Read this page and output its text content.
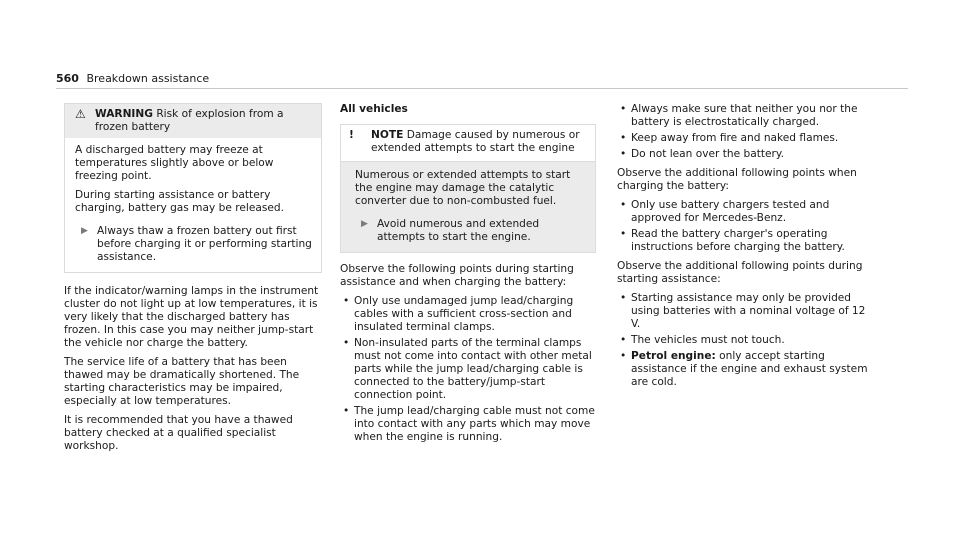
560 Breakdown assistance
⚠ WARNING Risk of explosion from a frozen battery

A discharged battery may freeze at temperatures slightly above or below freezing point.

During starting assistance or battery charging, battery gas may be released.

▶ Always thaw a frozen battery out first before charging it or performing starting assistance.

If the indicator/warning lamps in the instrument cluster do not light up at low temperatures, it is very likely that the discharged battery has frozen. In this case you may neither jump-start the vehicle nor charge the battery.

The service life of a battery that has been thawed may be dramatically shortened. The starting characteristics may be impaired, especially at low temperatures.

It is recommended that you have a thawed battery checked at a qualified specialist workshop.

All vehicles
!	NOTE Damage caused by numerous or extended attempts to start the engine

Numerous or extended attempts to start the engine may damage the catalytic converter due to non-combusted fuel.

▶ Avoid numerous and extended attempts to start the engine.

Observe the following points during starting assistance and when charging the battery:

• Only use undamaged jump lead/charging cables with a sufficient cross-section and insulated terminal clamps.
• Non-insulated parts of the terminal clamps must not come into contact with other metal parts while the jump lead/charging cable is connected to the battery/jump-start connection point.
• The jump lead/charging cable must not come into contact with any parts which may move when the engine is running.
• Always make sure that neither you nor the battery is electrostatically charged.
• Keep away from fire and naked flames.
• Do not lean over the battery.

Observe the additional following points when charging the battery:

• Only use battery chargers tested and approved for Mercedes-Benz.
• Read the battery charger's operating instructions before charging the battery.

Observe the additional following points during starting assistance:

• Starting assistance may only be provided using batteries with a nominal voltage of 12 V.
• The vehicles must not touch.
• Petrol engine: only accept starting assistance if the engine and exhaust system are cold.
